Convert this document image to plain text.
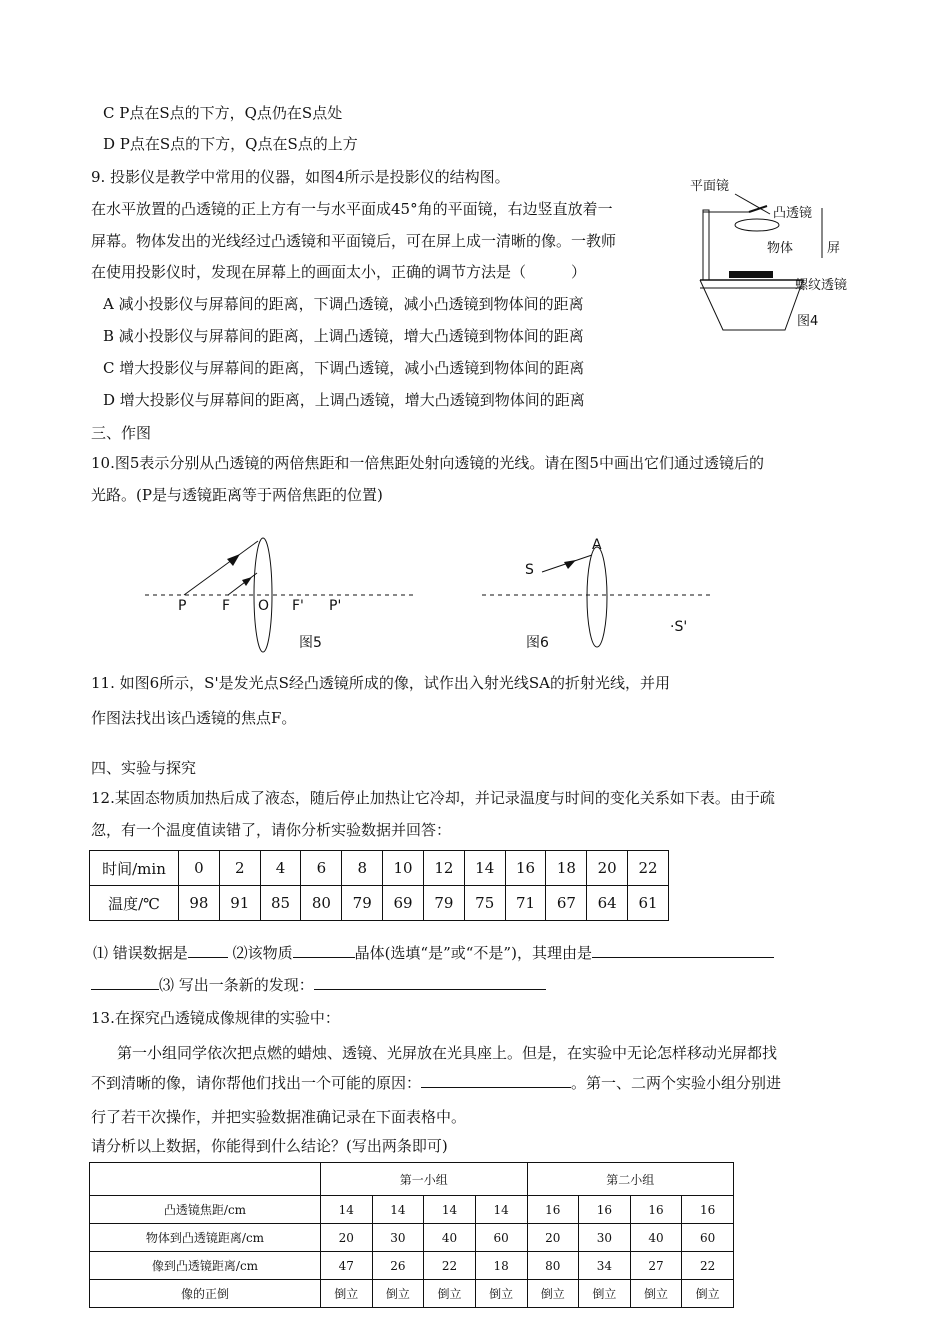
C P点在S点的下方，Q点仍在S点处
D P点在S点的下方，Q点在S点的上方
9. 投影仪是教学中常用的仪器，如图4所示是投影仪的结构图。
在水平放置的凸透镜的正上方有一与水平面成45°角的平面镜，右边竖直放着一
屏幕。物体发出的光线经过凸透镜和平面镜后，可在屏上成一清晰的像。一教师
在使用投影仪时，发现在屏幕上的画面太小，正确的调节方法是（　　　）
A 减小投影仪与屏幕间的距离，下调凸透镜，减小凸透镜到物体间的距离
B 减小投影仪与屏幕间的距离，上调凸透镜，增大凸透镜到物体间的距离
C 增大投影仪与屏幕间的距离，下调凸透镜，减小凸透镜到物体间的距离
D 增大投影仪与屏幕间的距离，上调凸透镜，增大凸透镜到物体间的距离
平面镜
凸透镜
物体	屏
螺纹透镜
图4
三、作图
10.图5表示分别从凸透镜的两倍焦距和一倍焦距处射向透镜的光线。请在图5中画出它们通过透镜后的
光路。(P是与透镜距离等于两倍焦距的位置)
P	F O F' P'
图5
S
A
·S'
图6
11. 如图6所示，S'是发光点S经凸透镜所成的像，试作出入射光线SA的折射光线，并用
作图法找出该凸透镜的焦点F。
四、实验与探究
12.某固态物质加热后成了液态，随后停止加热让它冷却，并记录温度与时间的变化关系如下表。由于疏
忽，有一个温度值读错了，请你分析实验数据并回答：
时间/min	0	2	4	6	8	10	12	14	16	18	20	22
温度/℃	98	91	85	80	79	69	79	75	71	67	64	61
⑴ 错误数据是	⑵该物质	晶体(选填“是”或“不是”)，其理由是
⑶ 写出一条新的发现：
13.在探究凸透镜成像规律的实验中：
第一小组同学依次把点燃的蜡烛、透镜、光屏放在光具座上。但是，在实验中无论怎样移动光屏都找
不到清晰的像，请你帮他们找出一个可能的原因：	。第一、二两个实验小组分别进
行了若干次操作，并把实验数据准确记录在下面表格中。
请分析以上数据，你能得到什么结论？(写出两条即可)
	第一小组				第二小组			
凸透镜焦距/cm	14	14	14	14	16	16	16	16
物体到凸透镜距离/cm	20	30	40	60	20	30	40	60
像到凸透镜距离/cm	47	26	22	18	80	34	27	22
像的正倒	倒立	倒立	倒立	倒立	倒立	倒立	倒立	倒立
